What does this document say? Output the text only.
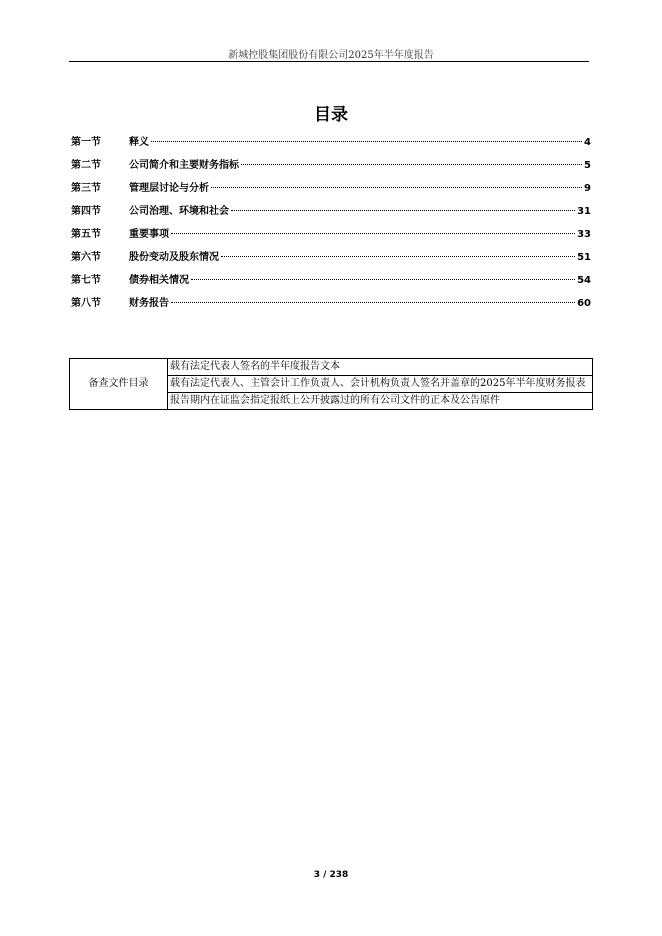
新城控股集团股份有限公司2025年半年度报告
目录
第一节	释义	4
第二节	公司简介和主要财务指标	5
第三节	管理层讨论与分析	9
第四节	公司治理、环境和社会	31
第五节	重要事项	33
第六节	股份变动及股东情况	51
第七节	债券相关情况	54
第八节	财务报告	60
备查文件目录	载有法定代表人签名的半年度报告文本
载有法定代表人、主管会计工作负责人、会计机构负责人签名并盖章的2025年半年度财务报表
报告期内在证监会指定报纸上公开披露过的所有公司文件的正本及公告原件
3 / 238
